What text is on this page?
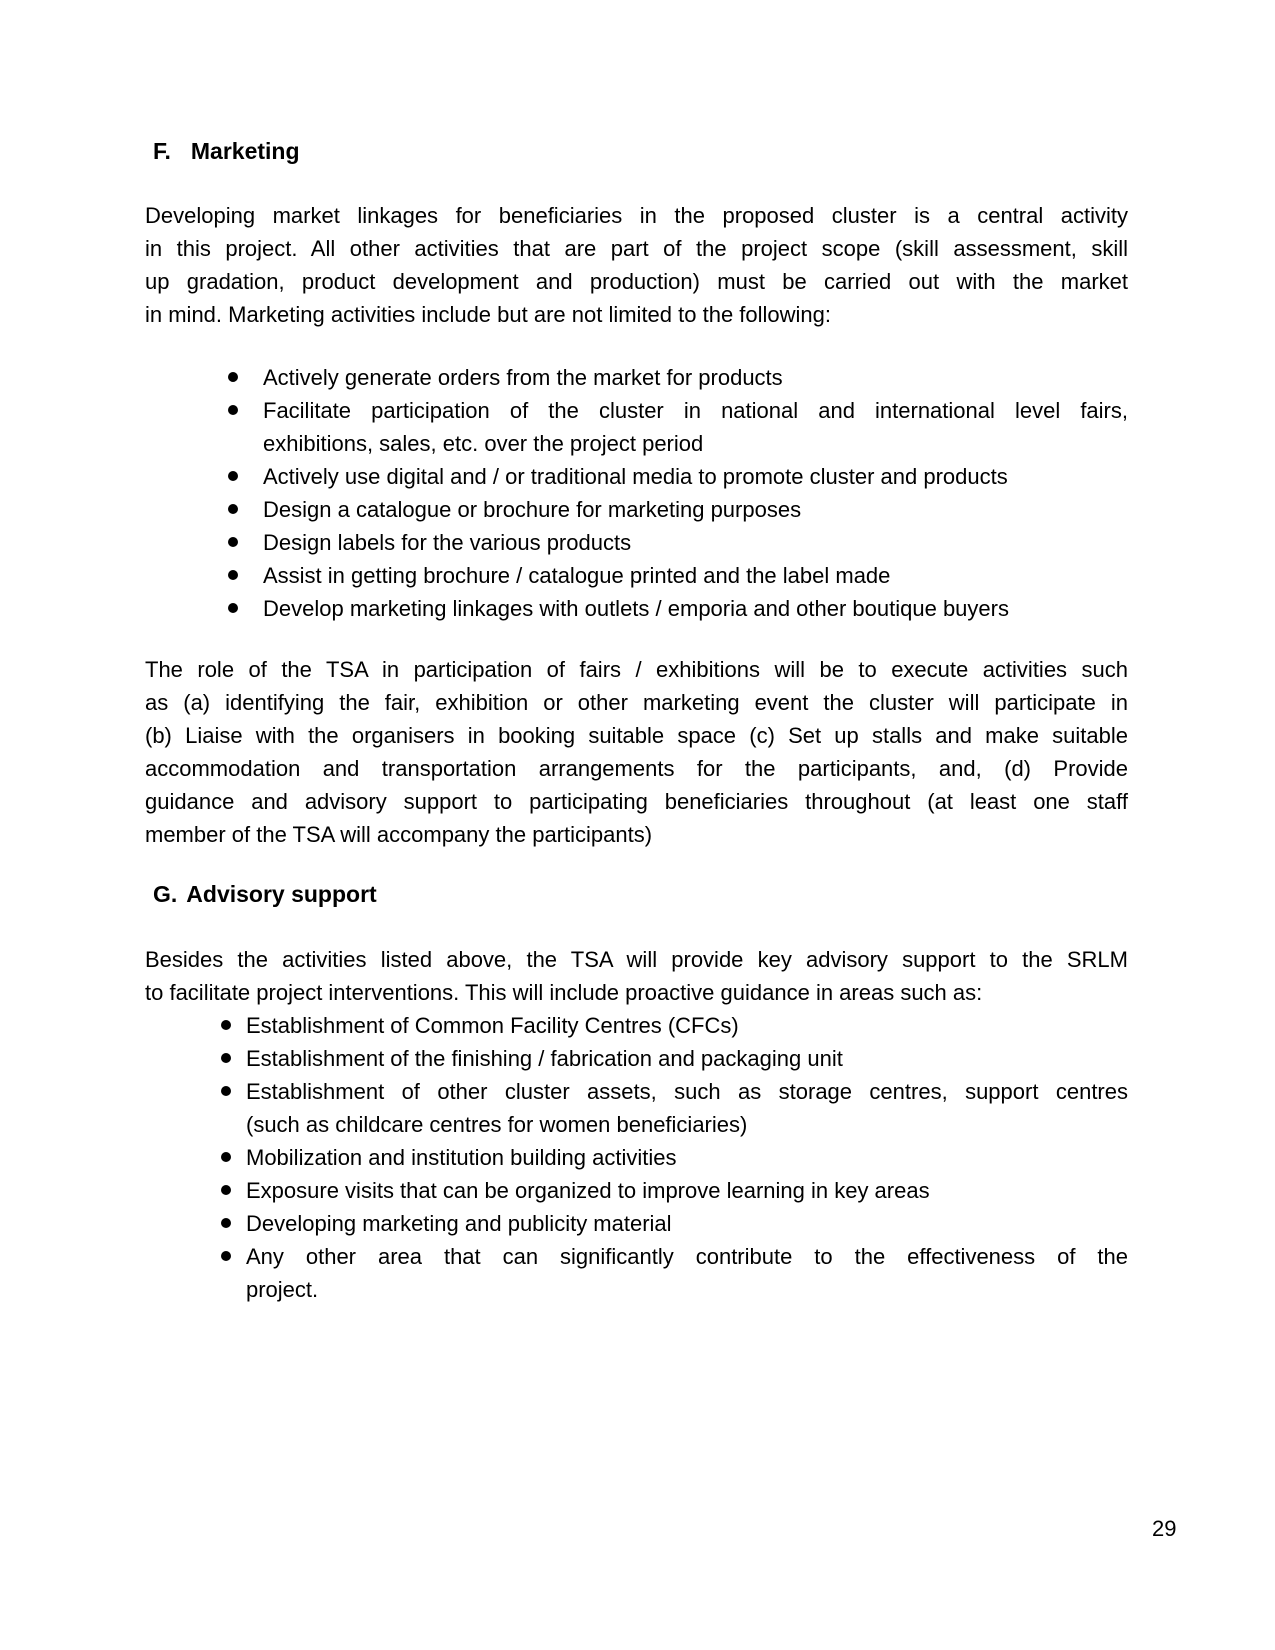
F. Marketing
Developing market linkages for beneficiaries in the proposed cluster is a central activity
in this project. All other activities that are part of the project scope (skill assessment, skill
up gradation, product development and production) must be carried out with the market
in mind. Marketing activities include but are not limited to the following:
Actively generate orders from the market for products
Facilitate participation of the cluster in national and international level fairs,
exhibitions, sales, etc. over the project period
Actively use digital and / or traditional media to promote cluster and products
Design a catalogue or brochure for marketing purposes
Design labels for the various products
Assist in getting brochure / catalogue printed and the label made
Develop marketing linkages with outlets / emporia and other boutique buyers
The role of the TSA in participation of fairs / exhibitions will be to execute activities such
as (a) identifying the fair, exhibition or other marketing event the cluster will participate in
(b) Liaise with the organisers in booking suitable space (c) Set up stalls and make suitable
accommodation and transportation arrangements for the participants, and, (d) Provide
guidance and advisory support to participating beneficiaries throughout (at least one staff
member of the TSA will accompany the participants)
G. Advisory support
Besides the activities listed above, the TSA will provide key advisory support to the SRLM
to facilitate project interventions. This will include proactive guidance in areas such as:
Establishment of Common Facility Centres (CFCs)
Establishment of the finishing / fabrication and packaging unit
Establishment of other cluster assets, such as storage centres, support centres
(such as childcare centres for women beneficiaries)
Mobilization and institution building activities
Exposure visits that can be organized to improve learning in key areas
Developing marketing and publicity material
Any other area that can significantly contribute to the effectiveness of the
project.
29
